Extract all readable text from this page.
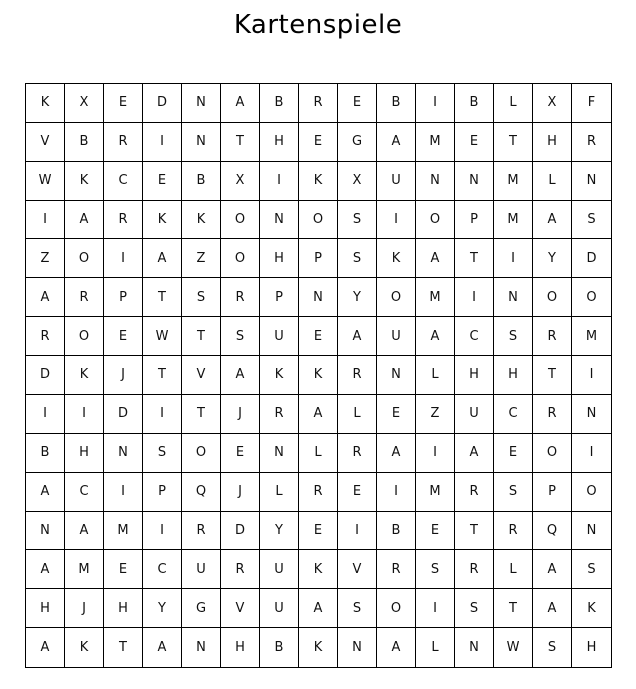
Kartenspiele
K	X	E	D	N	A	B	R	E	B	I	B	L	X	F
V	B	R	I	N	T	H	E	G	A	M	E	T	H	R
W	K	C	E	B	X	I	K	X	U	N	N	M	L	N
I	A	R	K	K	O	N	O	S	I	O	P	M	A	S
Z	O	I	A	Z	O	H	P	S	K	A	T	I	Y	D
A	R	P	T	S	R	P	N	Y	O	M	I	N	O	O
R	O	E	W	T	S	U	E	A	U	A	C	S	R	M
D	K	J	T	V	A	K	K	R	N	L	H	H	T	I
I	I	D	I	T	J	R	A	L	E	Z	U	C	R	N
B	H	N	S	O	E	N	L	R	A	I	A	E	O	I
A	C	I	P	Q	J	L	R	E	I	M	R	S	P	O
N	A	M	I	R	D	Y	E	I	B	E	T	R	Q	N
A	M	E	C	U	R	U	K	V	R	S	R	L	A	S
H	J	H	Y	G	V	U	A	S	O	I	S	T	A	K
A	K	T	A	N	H	B	K	N	A	L	N	W	S	H
